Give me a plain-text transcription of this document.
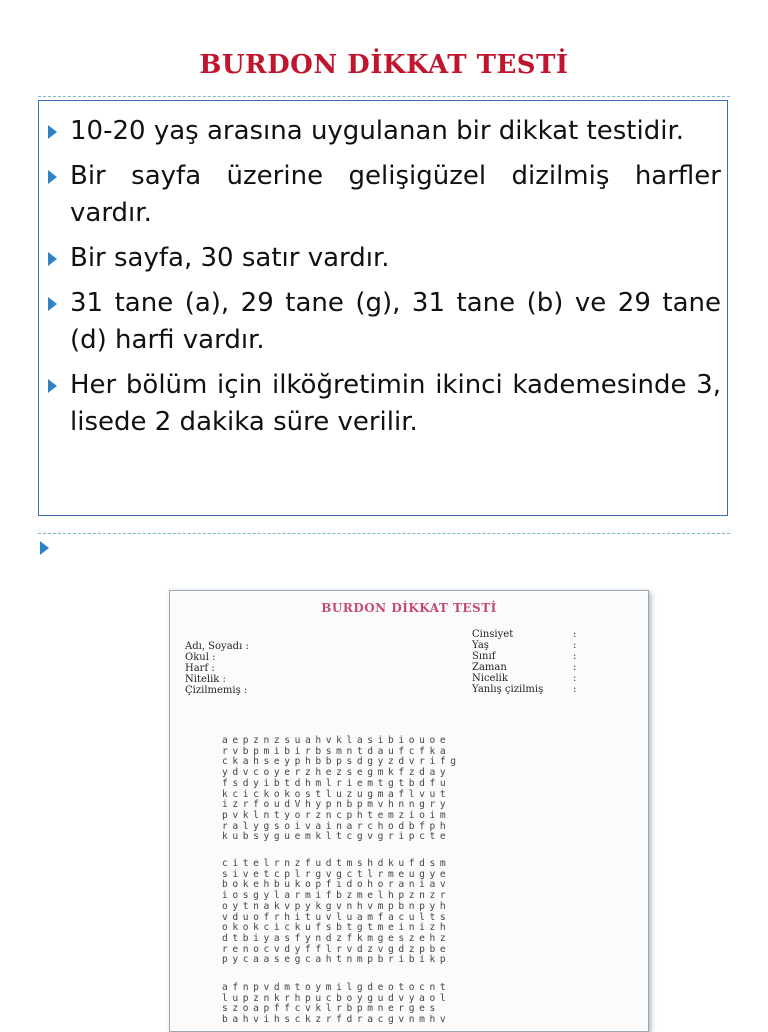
BURDON DİKKAT TESTİ
10-20 yaş arasına uygulanan bir dikkat testidir.
Bir sayfa üzerine gelişigüzel dizilmiş harfler vardır.
Bir sayfa, 30 satır vardır.
31 tane (a), 29 tane (g), 31 tane (b) ve 29 tane (d) harfi vardır.
Her bölüm için ilköğretimin ikinci kademesinde 3, lisede 2 dakika süre verilir.
BURDON DİKKAT TESTİ
Adı, Soyadı :
Okul :
Harf :
Nitelik :
Çizilmemiş :
Cinsiyet
Yaş
Sınıf
Zaman
Nicelik
Yanlış çizilmiş
:
:
:
:
:
:
aepznzsuahvklasibiouoe
rvbpmibirbsmntdaufcfka
ckahseyphbbpsdgyzdvrifg
ydvcoyerzhezsegmkfzday
fsdyibtdhmlriemtgtbdfu
kcickokostluzugmaflvut
izrfoudVhypnbpmvhnngry
pvklntyorzncphtemzioim
ralygsoivainarchodbfph
kubsyguemkltcgvgripcte
citelrnzfudtmshdkufdsm
sivetcplrgvgctlrmeugye
bokehbukopfıdohoraniav
iosgylarmifbzmelhpznzr
oytnakvpykgvnhvmpbnpyh
vduofrhituvluamfacults
okokcickufsbtgtmeinizh
dtbiyasfyndzfkmgeszehz
renocvdyfflrvdzvgdzpbe
pycaasegcahtnmpbribikp
afnpvdmtoymilgdeotocnt
lupznkrhpucboygudvyaol
szoapffcvklrbpmnerges
bahvihsckzrfdracgvnmhv
